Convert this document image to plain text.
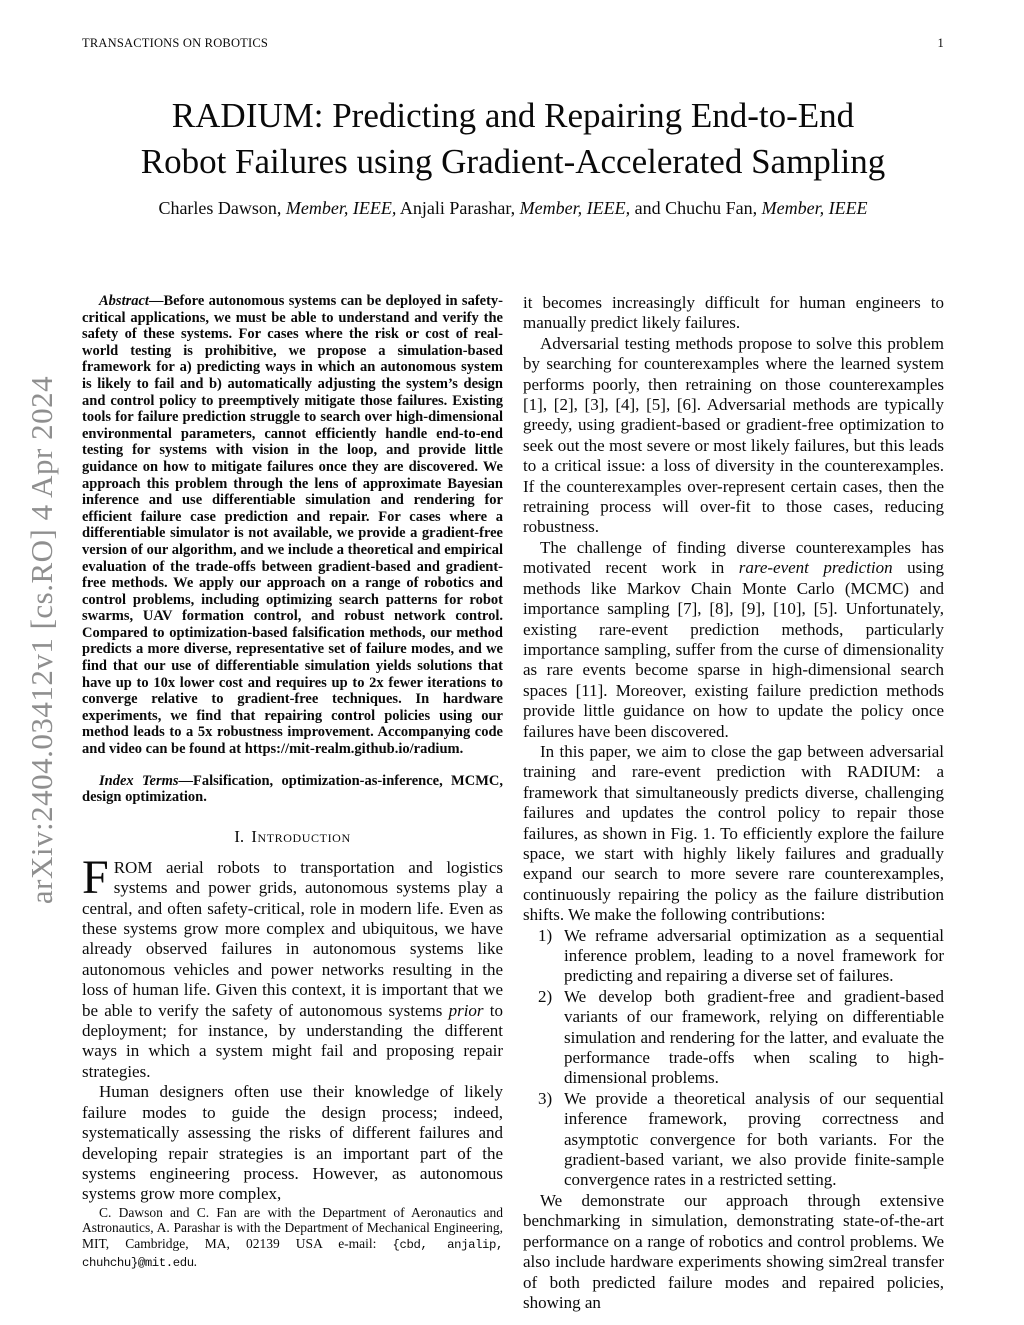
arXiv:2404.03412v1 [cs.RO] 4 Apr 2024
TRANSACTIONS ON ROBOTICS	1
RADIUM: Predicting and Repairing End-to-End
Robot Failures using Gradient-Accelerated Sampling
Charles Dawson, Member, IEEE, Anjali Parashar, Member, IEEE, and Chuchu Fan, Member, IEEE

Abstract—Before autonomous systems can be deployed in safety-critical applications, we must be able to understand and verify the safety of these systems. For cases where the risk or cost of real-world testing is prohibitive, we propose a simulation-based framework for a) predicting ways in which an autonomous system is likely to fail and b) automatically adjusting the system’s design and control policy to preemptively mitigate those failures. Existing tools for failure prediction struggle to search over high-dimensional environmental parameters, cannot efficiently handle end-to-end testing for systems with vision in the loop, and provide little guidance on how to mitigate failures once they are discovered. We approach this problem through the lens of approximate Bayesian inference and use differentiable simulation and rendering for efficient failure case prediction and repair. For cases where a differentiable simulator is not available, we provide a gradient-free version of our algorithm, and we include a theoretical and empirical evaluation of the trade-offs between gradient-based and gradient-free methods. We apply our approach on a range of robotics and control problems, including optimizing search patterns for robot swarms, UAV formation control, and robust network control. Compared to optimization-based falsification methods, our method predicts a more diverse, representative set of failure modes, and we find that our use of differentiable simulation yields solutions that have up to 10x lower cost and requires up to 2x fewer iterations to converge relative to gradient-free techniques. In hardware experiments, we find that repairing control policies using our method leads to a 5x robustness improvement. Accompanying code and video can be found at https://mit-realm.github.io/radium.

Index Terms—Falsification, optimization-as-inference, MCMC, design optimization.

I. Introduction

FROM aerial robots to transportation and logistics systems and power grids, autonomous systems play a central, and often safety-critical, role in modern life. Even as these systems grow more complex and ubiquitous, we have already observed failures in autonomous systems like autonomous vehicles and power networks resulting in the loss of human life. Given this context, it is important that we be able to verify the safety of autonomous systems prior to deployment; for instance, by understanding the different ways in which a system might fail and proposing repair strategies.

Human designers often use their knowledge of likely failure modes to guide the design process; indeed, systematically assessing the risks of different failures and developing repair strategies is an important part of the systems engineering process. However, as autonomous systems grow more complex,

C. Dawson and C. Fan are with the Department of Aeronautics and Astronautics, A. Parashar is with the Department of Mechanical Engineering, MIT, Cambridge, MA, 02139 USA e-mail: {cbd, anjalip, chuhchu}@mit.edu.

it becomes increasingly difficult for human engineers to manually predict likely failures.

Adversarial testing methods propose to solve this problem by searching for counterexamples where the learned system performs poorly, then retraining on those counterexamples [1], [2], [3], [4], [5], [6]. Adversarial methods are typically greedy, using gradient-based or gradient-free optimization to seek out the most severe or most likely failures, but this leads to a critical issue: a loss of diversity in the counterexamples. If the counterexamples over-represent certain cases, then the retraining process will over-fit to those cases, reducing robustness.

The challenge of finding diverse counterexamples has motivated recent work in rare-event prediction using methods like Markov Chain Monte Carlo (MCMC) and importance sampling [7], [8], [9], [10], [5]. Unfortunately, existing rare-event prediction methods, particularly importance sampling, suffer from the curse of dimensionality as rare events become sparse in high-dimensional search spaces [11]. Moreover, existing failure prediction methods provide little guidance on how to update the policy once failures have been discovered.

In this paper, we aim to close the gap between adversarial training and rare-event prediction with RADIUM: a framework that simultaneously predicts diverse, challenging failures and updates the control policy to repair those failures, as shown in Fig. 1. To efficiently explore the failure space, we start with highly likely failures and gradually expand our search to more severe rare counterexamples, continuously repairing the policy as the failure distribution shifts. We make the following contributions:

1) We reframe adversarial optimization as a sequential inference problem, leading to a novel framework for predicting and repairing a diverse set of failures.
2) We develop both gradient-free and gradient-based variants of our framework, relying on differentiable simulation and rendering for the latter, and evaluate the performance trade-offs when scaling to high-dimensional problems.
3) We provide a theoretical analysis of our sequential inference framework, proving correctness and asymptotic convergence for both variants. For the gradient-based variant, we also provide finite-sample convergence rates in a restricted setting.

We demonstrate our approach through extensive benchmarking in simulation, demonstrating state-of-the-art performance on a range of robotics and control problems. We also include hardware experiments showing sim2real transfer of both predicted failure modes and repaired policies, showing an
